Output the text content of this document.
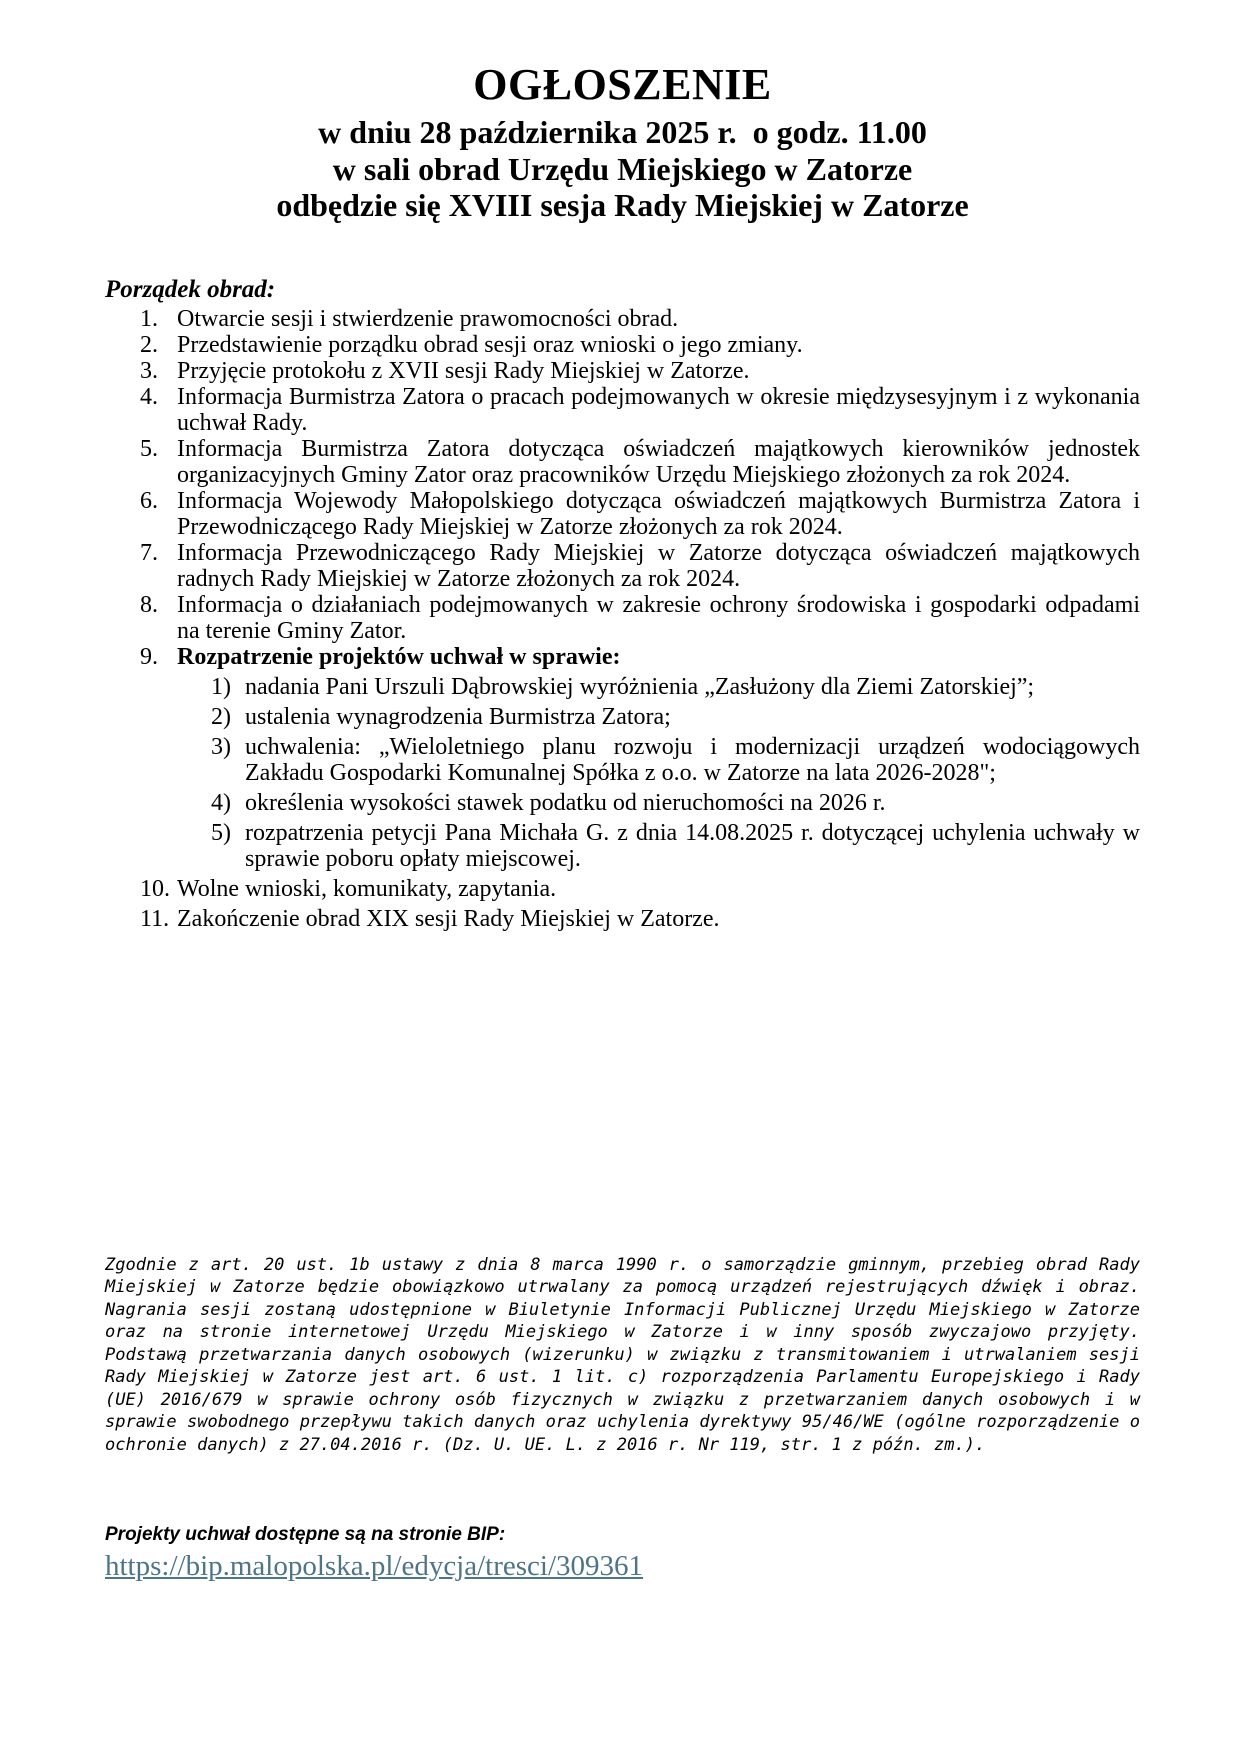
OGŁOSZENIE
w dniu 28 października 2025 r.  o godz. 11.00
w sali obrad Urzędu Miejskiego w Zatorze
odbędzie się XVIII sesja Rady Miejskiej w Zatorze
Porządek obrad:
1. Otwarcie sesji i stwierdzenie prawomocności obrad.
2. Przedstawienie porządku obrad sesji oraz wnioski o jego zmiany.
3. Przyjęcie protokołu z XVII sesji Rady Miejskiej w Zatorze.
4. Informacja Burmistrza Zatora o pracach podejmowanych w okresie międzysesyjnym i z wykonania uchwał Rady.
5. Informacja Burmistrza Zatora dotycząca oświadczeń majątkowych kierowników jednostek organizacyjnych Gminy Zator oraz pracowników Urzędu Miejskiego złożonych za rok 2024.
6. Informacja Wojewody Małopolskiego dotycząca oświadczeń majątkowych Burmistrza Zatora i Przewodniczącego Rady Miejskiej w Zatorze złożonych za rok 2024.
7. Informacja Przewodniczącego Rady Miejskiej w Zatorze dotycząca oświadczeń majątkowych radnych Rady Miejskiej w Zatorze złożonych za rok 2024.
8. Informacja o działaniach podejmowanych w zakresie ochrony środowiska i gospodarki odpadami na terenie Gminy Zator.
9. Rozpatrzenie projektów uchwał w sprawie:
1) nadania Pani Urszuli Dąbrowskiej wyróżnienia „Zasłużony dla Ziemi Zatorskiej”;
2) ustalenia wynagrodzenia Burmistrza Zatora;
3) uchwalenia: „Wieloletniego planu rozwoju i modernizacji urządzeń wodociągowych Zakładu Gospodarki Komunalnej Spółka z o.o. w Zatorze na lata 2026-2028";
4) określenia wysokości stawek podatku od nieruchomości na 2026 r.
5) rozpatrzenia petycji Pana Michała G. z dnia 14.08.2025 r. dotyczącej uchylenia uchwały w sprawie poboru opłaty miejscowej.
10. Wolne wnioski, komunikaty, zapytania.
11. Zakończenie obrad XIX sesji Rady Miejskiej w Zatorze.
Zgodnie z art. 20 ust. 1b ustawy z dnia 8 marca 1990 r. o samorządzie gminnym, przebieg obrad Rady Miejskiej w Zatorze będzie obowiązkowo utrwalany za pomocą urządzeń rejestrujących dźwięk i obraz. Nagrania sesji zostaną udostępnione w Biuletynie Informacji Publicznej Urzędu Miejskiego w Zatorze oraz na stronie internetowej Urzędu Miejskiego w Zatorze i w inny sposób zwyczajowo przyjęty. Podstawą przetwarzania danych osobowych (wizerunku) w związku z transmitowaniem i utrwalaniem sesji Rady Miejskiej w Zatorze jest art. 6 ust. 1 lit. c) rozporządzenia Parlamentu Europejskiego i Rady (UE) 2016/679 w sprawie ochrony osób fizycznych w związku z przetwarzaniem danych osobowych i w sprawie swobodnego przepływu takich danych oraz uchylenia dyrektywy 95/46/WE (ogólne rozporządzenie o ochronie danych) z 27.04.2016 r. (Dz. U. UE. L. z 2016 r. Nr 119, str. 1 z późn. zm.).
Projekty uchwał dostępne są na stronie BIP:
https://bip.malopolska.pl/edycja/tresci/309361
